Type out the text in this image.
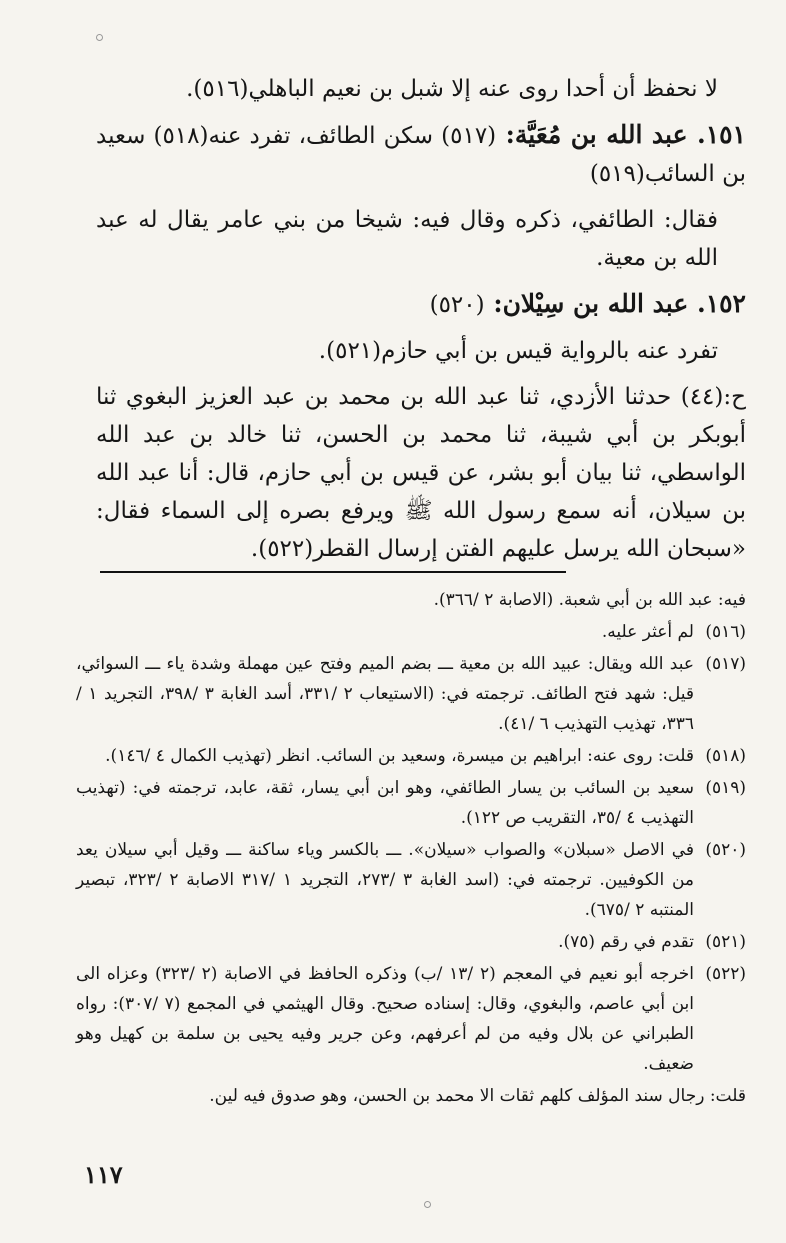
لا نحفظ أن أحدا روى عنه إلا شبل بن نعيم الباهلي(٥١٦).

١٥١. عبد الله بن مُعَيَّة: (٥١٧) سكن الطائف، تفرد عنه(٥١٨) سعيد بن السائب(٥١٩)

فقال: الطائفي، ذكره وقال فيه: شيخا من بني عامر يقال له عبد الله بن معية.

١٥٢. عبد الله بن سِيْلان: (٥٢٠)

تفرد عنه بالرواية قيس بن أبي حازم(٥٢١).

ح:(٤٤) حدثنا الأزدي، ثنا عبد الله بن محمد بن عبد العزيز البغوي ثنا أبوبكر بن أبي شيبة، ثنا محمد بن الحسن، ثنا خالد بن عبد الله الواسطي، ثنا بيان أبو بشر، عن قيس بن أبي حازم، قال: أنا عبد الله بن سيلان، أنه سمع رسول الله ﷺ ويرفع بصره إلى السماء فقال: «سبحان الله يرسل عليهم الفتن إرسال القطر(٥٢٢).

فيه: عبد الله بن أبي شعبة. (الاصابة ٢ /٣٦٦).
(٥١٦)
لم أعثر عليه.
(٥١٧)
عبد الله ويقال: عبيد الله بن معية ـــ بضم الميم وفتح عين مهملة وشدة ياء ـــ السوائي، قيل: شهد فتح الطائف. ترجمته في: (الاستيعاب ٢ /٣٣١، أسد الغابة ٣ /٣٩٨، التجريد ١ /٣٣٦، تهذيب التهذيب ٦ /٤١).
(٥١٨)
قلت: روى عنه: ابراهيم بن ميسرة، وسعيد بن السائب. انظر (تهذيب الكمال ٤ /١٤٦).
(٥١٩)
سعيد بن السائب بن يسار الطائفي، وهو ابن أبي يسار، ثقة، عابد، ترجمته في: (تهذيب التهذيب ٤ /٣٥، التقريب ص ١٢٢).
(٥٢٠)
في الاصل «سبلان» والصواب «سيلان». ـــ بالكسر وياء ساكنة ـــ وقيل أبي سيلان يعد من الكوفيين. ترجمته في: (اسد الغابة ٣ /٢٧٣، التجريد ١ /٣١٧ الاصابة ٢ /٣٢٣، تبصير المنتبه ٢ /٦٧٥).
(٥٢١)
تقدم في رقم (٧٥).
(٥٢٢)
اخرجه أبو نعيم في المعجم (٢ /١٣ /ب) وذكره الحافظ في الاصابة (٢ /٣٢٣) وعزاه الى ابن أبي عاصم، والبغوي، وقال: إسناده صحيح. وقال الهيثمي في المجمع (٧ /٣٠٧): رواه الطبراني عن بلال وفيه من لم أعرفهم، وعن جرير وفيه يحيى بن سلمة بن كهيل وهو ضعيف.
قلت: رجال سند المؤلف كلهم ثقات الا محمد بن الحسن، وهو صدوق فيه لين.
١١٧
